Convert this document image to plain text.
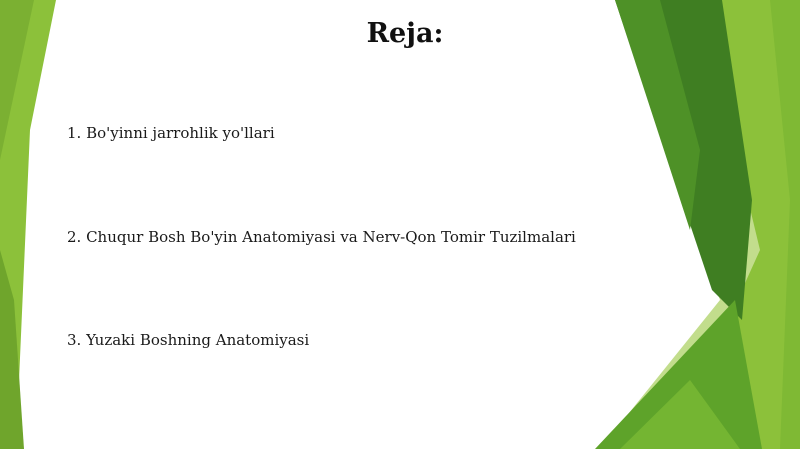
Reja:
1. Bo'yinni jarrohlik yo'llari
2. Chuqur Bosh Bo'yin Anatomiyasi va Nerv-Qon Tomir Tuzilmalari
3. Yuzaki Boshning Anatomiyasi
